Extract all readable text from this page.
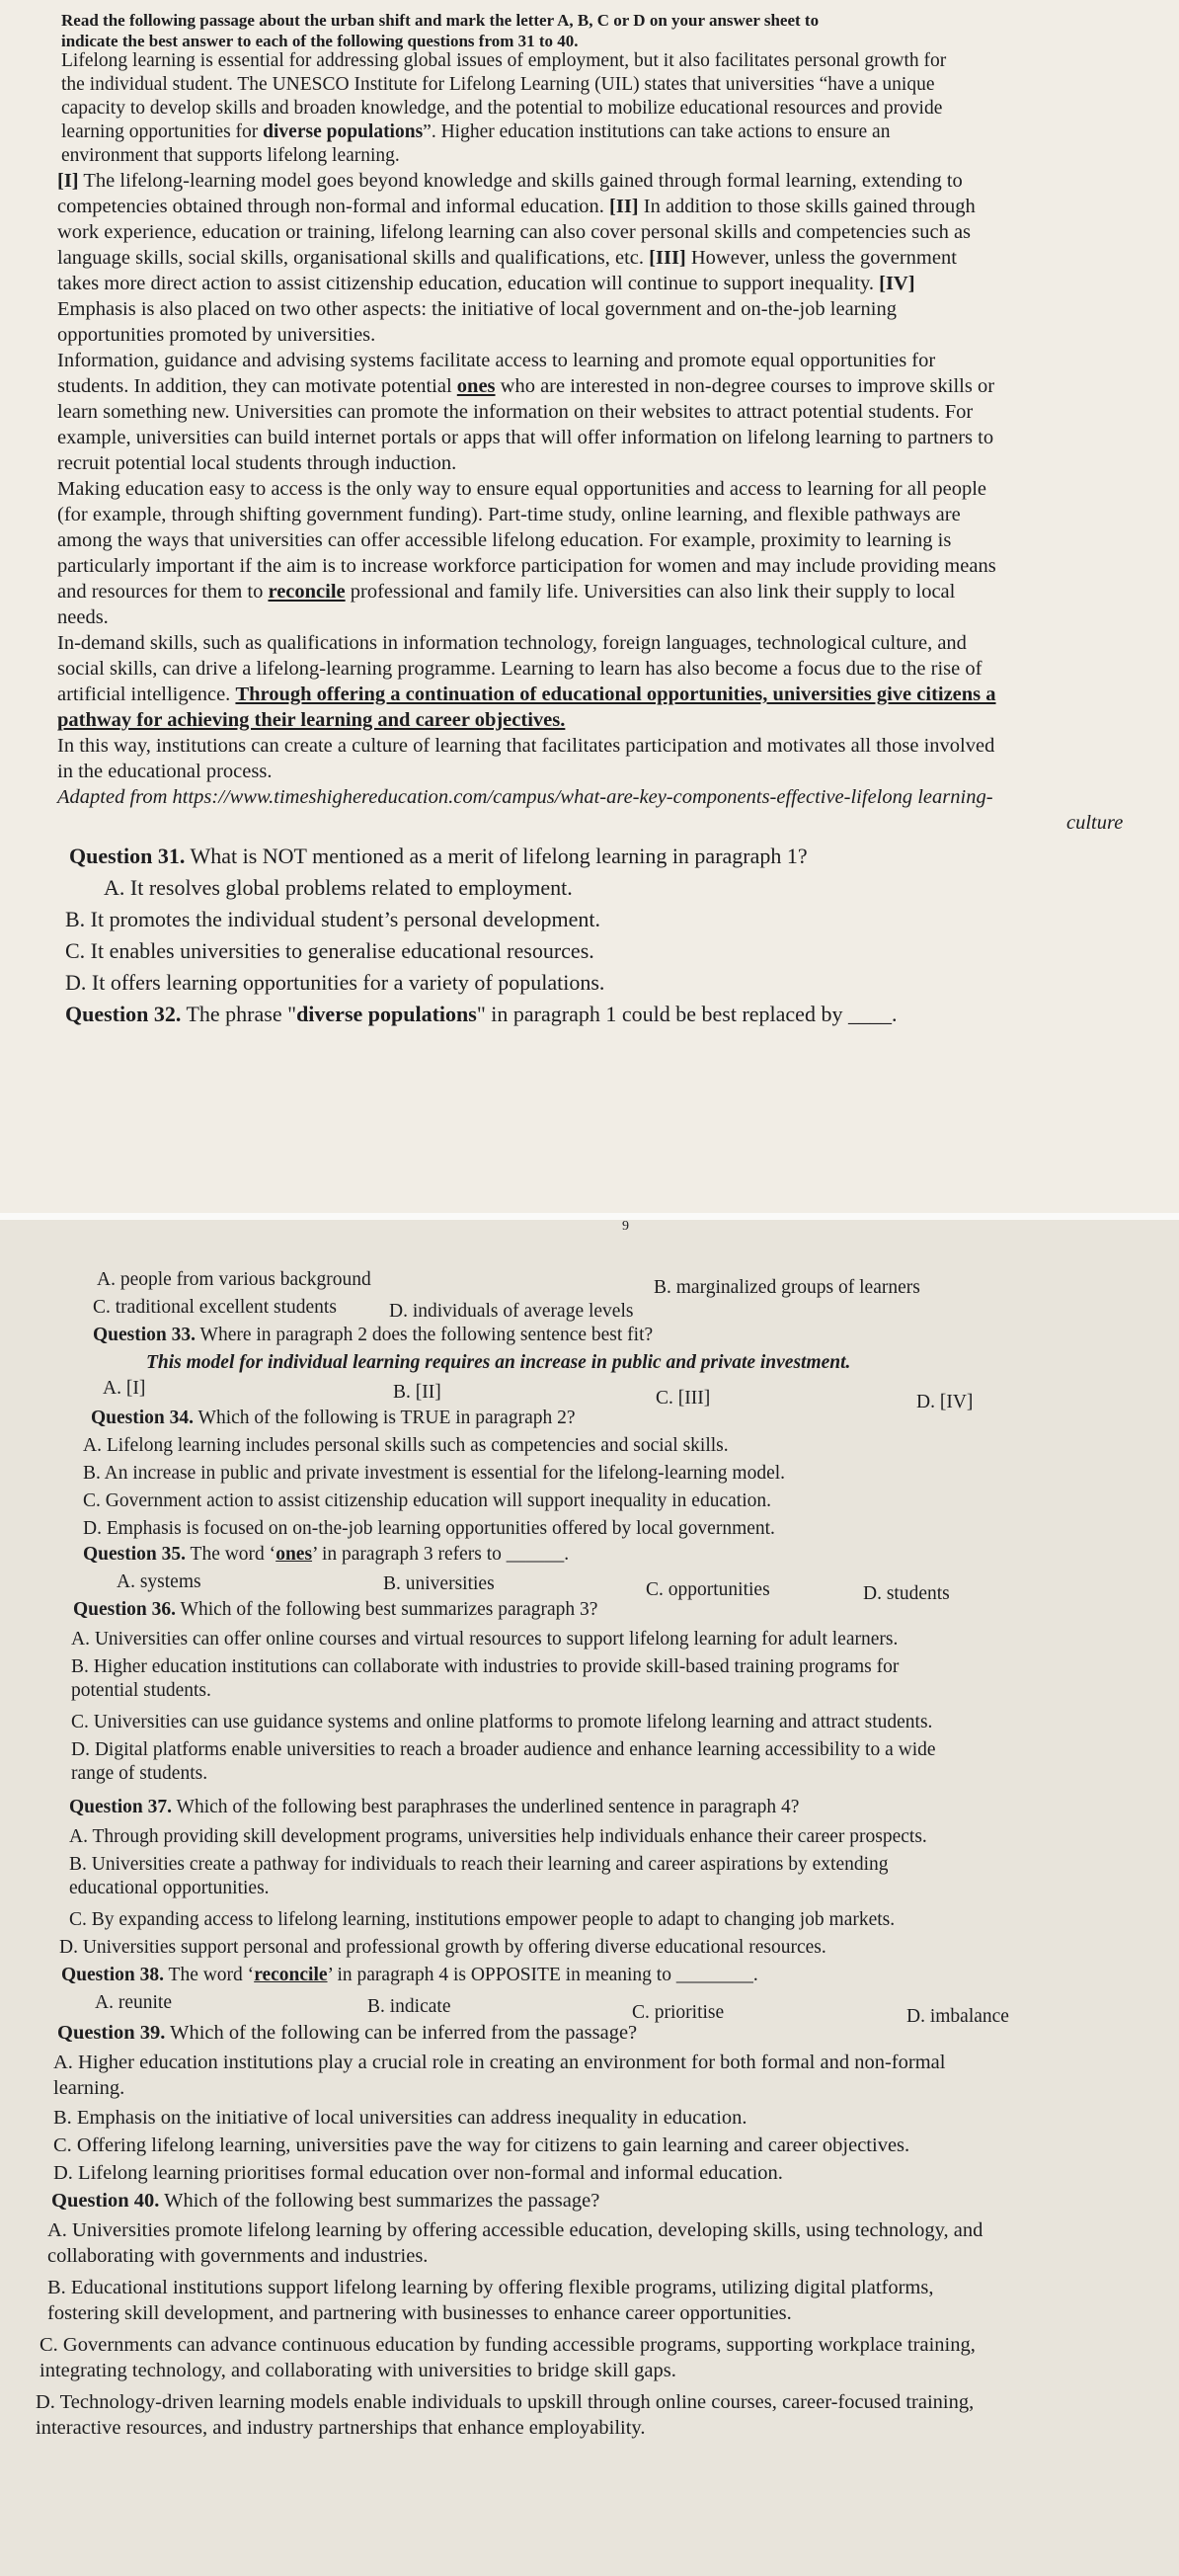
Read the following passage about the urban shift and mark the letter A, B, C or D on your answer sheet to
indicate the best answer to each of the following questions from 31 to 40.
Lifelong learning is essential for addressing global issues of employment, but it also facilitates personal growth for
the individual student. The UNESCO Institute for Lifelong Learning (UIL) states that universities “have a unique
capacity to develop skills and broaden knowledge, and the potential to mobilize educational resources and provide
learning opportunities for diverse populations”. Higher education institutions can take actions to ensure an
environment that supports lifelong learning.
[I] The lifelong-learning model goes beyond knowledge and skills gained through formal learning, extending to
competencies obtained through non-formal and informal education. [II] In addition to those skills gained through
work experience, education or training, lifelong learning can also cover personal skills and competencies such as
language skills, social skills, organisational skills and qualifications, etc. [III] However, unless the government
takes more direct action to assist citizenship education, education will continue to support inequality. [IV]
Emphasis is also placed on two other aspects: the initiative of local government and on-the-job learning
opportunities promoted by universities.
Information, guidance and advising systems facilitate access to learning and promote equal opportunities for
students. In addition, they can motivate potential ones who are interested in non-degree courses to improve skills or
learn something new. Universities can promote the information on their websites to attract potential students. For
example, universities can build internet portals or apps that will offer information on lifelong learning to partners to
recruit potential local students through induction.
Making education easy to access is the only way to ensure equal opportunities and access to learning for all people
(for example, through shifting government funding). Part-time study, online learning, and flexible pathways are
among the ways that universities can offer accessible lifelong education. For example, proximity to learning is
particularly important if the aim is to increase workforce participation for women and may include providing means
and resources for them to reconcile professional and family life. Universities can also link their supply to local
needs.
In-demand skills, such as qualifications in information technology, foreign languages, technological culture, and
social skills, can drive a lifelong-learning programme. Learning to learn has also become a focus due to the rise of
artificial intelligence. Through offering a continuation of educational opportunities, universities give citizens a
pathway for achieving their learning and career objectives.
In this way, institutions can create a culture of learning that facilitates participation and motivates all those involved
in the educational process.
Adapted from https://www.timeshighereducation.com/campus/what-are-key-components-effective-lifelong learning-
culture
Question 31. What is NOT mentioned as a merit of lifelong learning in paragraph 1?
A. It resolves global problems related to employment.
B. It promotes the individual student’s personal development.
C. It enables universities to generalise educational resources.
D. It offers learning opportunities for a variety of populations.
Question 32. The phrase "diverse populations" in paragraph 1 could be best replaced by ____.
9
A. people from various background	B. marginalized groups of learners
C. traditional excellent students	D. individuals of average levels
Question 33. Where in paragraph 2 does the following sentence best fit?
This model for individual learning requires an increase in public and private investment.
A. [I]	B. [II]	C. [III]	D. [IV]
Question 34. Which of the following is TRUE in paragraph 2?
A. Lifelong learning includes personal skills such as competencies and social skills.
B. An increase in public and private investment is essential for the lifelong-learning model.
C. Government action to assist citizenship education will support inequality in education.
D. Emphasis is focused on on-the-job learning opportunities offered by local government.
Question 35. The word ‘ones’ in paragraph 3 refers to ______.
A. systems	B. universities	C. opportunities	D. students
Question 36. Which of the following best summarizes paragraph 3?
A. Universities can offer online courses and virtual resources to support lifelong learning for adult learners.
B. Higher education institutions can collaborate with industries to provide skill-based training programs for
potential students.
C. Universities can use guidance systems and online platforms to promote lifelong learning and attract students.
D. Digital platforms enable universities to reach a broader audience and enhance learning accessibility to a wide
range of students.
Question 37. Which of the following best paraphrases the underlined sentence in paragraph 4?
A. Through providing skill development programs, universities help individuals enhance their career prospects.
B. Universities create a pathway for individuals to reach their learning and career aspirations by extending
educational opportunities.
C. By expanding access to lifelong learning, institutions empower people to adapt to changing job markets.
D. Universities support personal and professional growth by offering diverse educational resources.
Question 38. The word ‘reconcile’ in paragraph 4 is OPPOSITE in meaning to ________.
A. reunite	B. indicate	C. prioritise	D. imbalance
Question 39. Which of the following can be inferred from the passage?
A. Higher education institutions play a crucial role in creating an environment for both formal and non-formal
learning.
B. Emphasis on the initiative of local universities can address inequality in education.
C. Offering lifelong learning, universities pave the way for citizens to gain learning and career objectives.
D. Lifelong learning prioritises formal education over non-formal and informal education.
Question 40. Which of the following best summarizes the passage?
A. Universities promote lifelong learning by offering accessible education, developing skills, using technology, and
collaborating with governments and industries.
B. Educational institutions support lifelong learning by offering flexible programs, utilizing digital platforms,
fostering skill development, and partnering with businesses to enhance career opportunities.
C. Governments can advance continuous education by funding accessible programs, supporting workplace training,
integrating technology, and collaborating with universities to bridge skill gaps.
D. Technology-driven learning models enable individuals to upskill through online courses, career-focused training,
interactive resources, and industry partnerships that enhance employability.
